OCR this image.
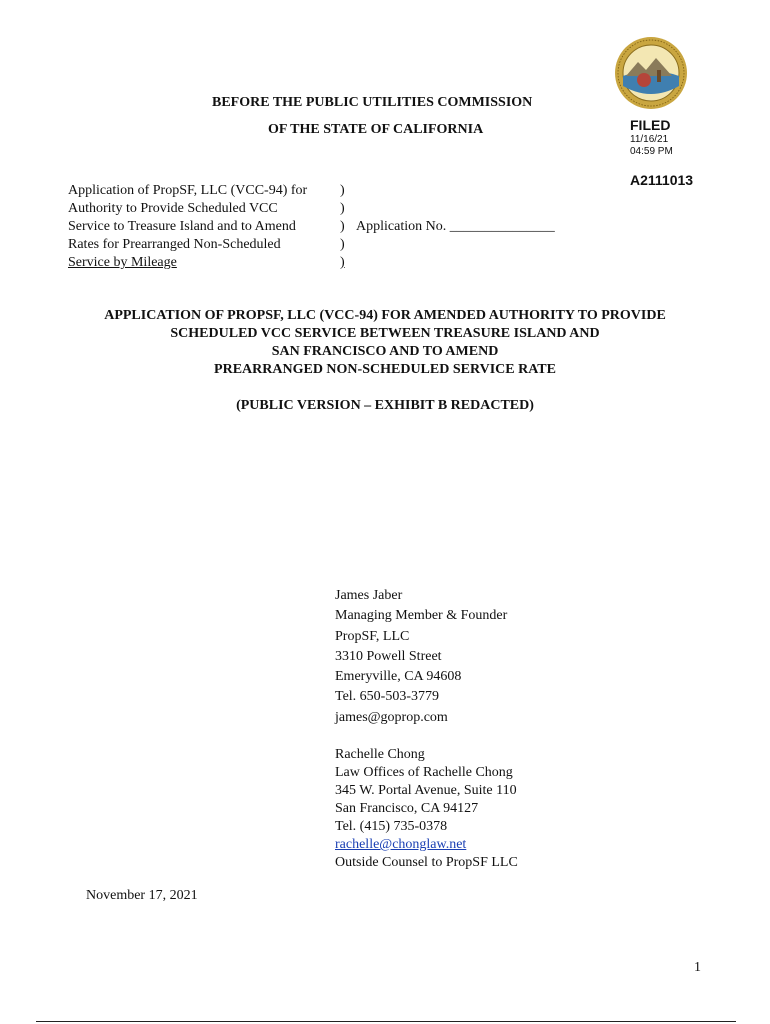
BEFORE THE PUBLIC UTILITIES COMMISSION
OF THE STATE OF CALIFORNIA	FILED
11/16/21
04:59 PM
A2111013
Application of PropSF, LLC (VCC-94) for	)
Authority to Provide Scheduled VCC	)
Service to Treasure Island and to Amend	) Application No. _______________
Rates for Prearranged Non-Scheduled	)
Service by Mileage	)
APPLICATION OF PROPSF, LLC (VCC-94) FOR AMENDED AUTHORITY TO PROVIDE
SCHEDULED VCC SERVICE BETWEEN TREASURE ISLAND AND
SAN FRANCISCO AND TO AMEND
PREARRANGED NON-SCHEDULED SERVICE RATE
(PUBLIC VERSION – EXHIBIT B REDACTED)
James Jaber
Managing Member & Founder
PropSF, LLC
3310 Powell Street
Emeryville, CA 94608
Tel. 650-503-3779
james@goprop.com
Rachelle Chong
Law Offices of Rachelle Chong
345 W. Portal Avenue, Suite 110
San Francisco, CA 94127
Tel. (415) 735-0378
rachelle@chonglaw.net
Outside Counsel to PropSF LLC
November 17, 2021
1
